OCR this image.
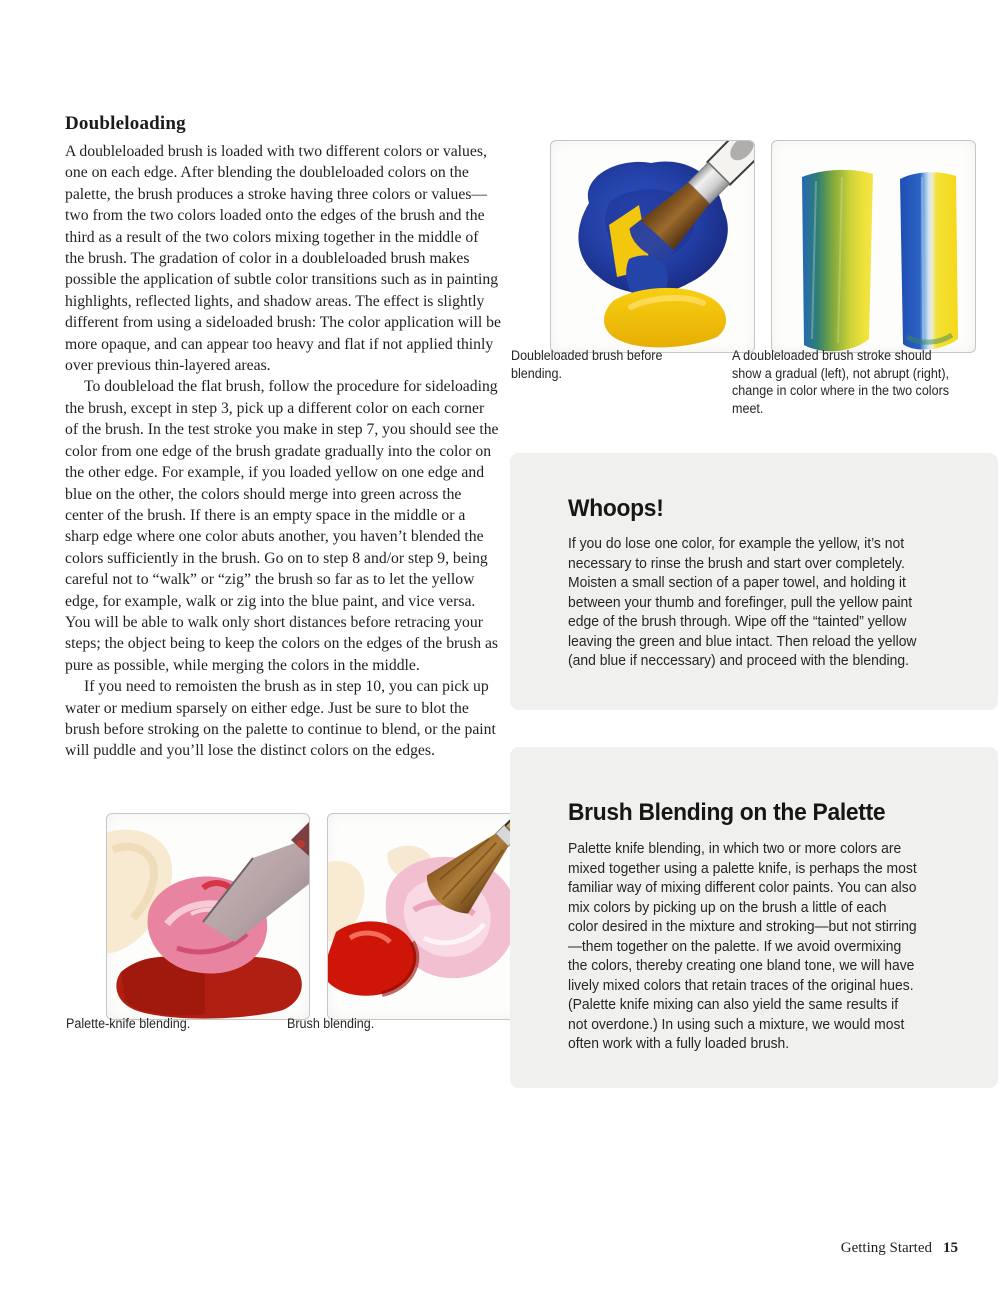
Doubleloading

A doubleloaded brush is loaded with two different colors or values, one on each edge. After blending the doubleloaded colors on the palette, the brush produces a stroke having three colors or values—two from the two colors loaded onto the edges of the brush and the third as a result of the two colors mixing together in the middle of the brush. The gradation of color in a doubleloaded brush makes possible the application of subtle color transitions such as in painting highlights, reflected lights, and shadow areas. The effect is slightly different from using a sideloaded brush: The color application will be more opaque, and can appear too heavy and flat if not applied thinly over previous thin-layered areas.

To doubleload the flat brush, follow the procedure for sideloading the brush, except in step 3, pick up a different color on each corner of the brush. In the test stroke you make in step 7, you should see the color from one edge of the brush gradate gradually into the color on the other edge. For example, if you loaded yellow on one edge and blue on the other, the colors should merge into green across the center of the brush. If there is an empty space in the middle or a sharp edge where one color abuts another, you haven’t blended the colors sufficiently in the brush. Go on to step 8 and/or step 9, being careful not to “walk” or “zig” the brush so far as to let the yellow edge, for example, walk or zig into the blue paint, and vice versa. You will be able to walk only short distances before retracing your steps; the object being to keep the colors on the edges of the brush as pure as possible, while merging the colors in the middle.

If you need to remoisten the brush as in step 10, you can pick up water or medium sparsely on either edge. Just be sure to blot the brush before stroking on the palette to continue to blend, or the paint will puddle and you’ll lose the distinct colors on the edges.

Doubleloaded brush before blending.
A doubleloaded brush stroke should show a gradual (left), not abrupt (right), change in color where in the two colors meet.
Palette-knife blending.	Brush blending.
Whoops!
If you do lose one color, for example the yellow, it’s not necessary to rinse the brush and start over completely. Moisten a small section of a paper towel, and holding it between your thumb and forefinger, pull the yellow paint edge of the brush through. Wipe off the “tainted” yellow leaving the green and blue intact. Then reload the yellow (and blue if neccessary) and proceed with the blending.
Brush Blending on the Palette
Palette knife blending, in which two or more colors are mixed together using a palette knife, is perhaps the most familiar way of mixing different color paints. You can also mix colors by picking up on the brush a little of each color desired in the mixture and stroking—but not stirring—them together on the palette. If we avoid overmixing the colors, thereby creating one bland tone, we will have lively mixed colors that retain traces of the original hues. (Palette knife mixing can also yield the same results if not overdone.) In using such a mixture, we would most often work with a fully loaded brush.
Getting Started 15
